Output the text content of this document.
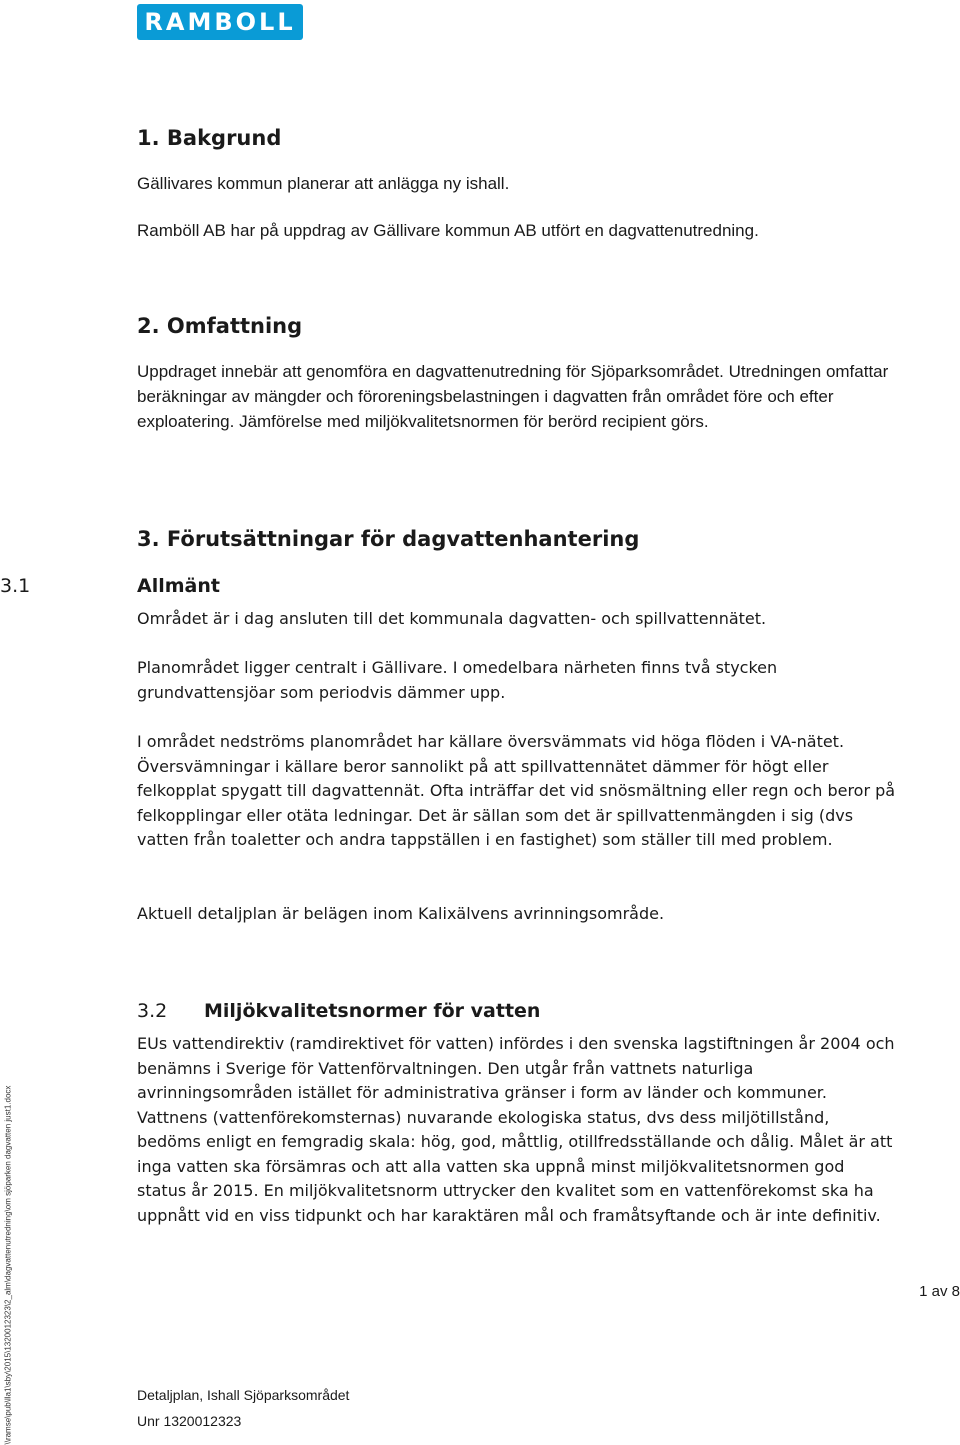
RAMBOLL
1. Bakgrund

Gällivares kommun planerar att anlägga ny ishall.

Ramböll AB har på uppdrag av Gällivare kommun AB utfört en dagvattenutredning.

2. Omfattning

Uppdraget innebär att genomföra en dagvattenutredning för Sjöparksområdet. Utredningen omfattar beräkningar av mängder och föroreningsbelastningen i dagvatten från området före och efter exploatering. Jämförelse med miljökvalitetsnormen för berörd recipient görs.

3. Förutsättningar för dagvattenhantering
3.1	Allmänt

Området är i dag ansluten till det kommunala dagvatten- och spillvattennätet.

Planområdet ligger centralt i Gällivare. I omedelbara närheten finns två stycken grundvattensjöar som periodvis dämmer upp.

I området nedströms planområdet har källare översvämmats vid höga flöden i VA-nätet. Översvämningar i källare beror sannolikt på att spillvattennätet dämmer för högt eller felkopplat spygatt till dagvattennät. Ofta inträffar det vid snösmältning eller regn och beror på felkopplingar eller otäta ledningar. Det är sällan som det är spillvattenmängden i sig (dvs vatten från toaletter och andra tappställen i en fastighet) som ställer till med problem.

Aktuell detaljplan är belägen inom Kalixälvens avrinningsområde.

3.2 Miljökvalitetsnormer för vatten

EUs vattendirektiv (ramdirektivet för vatten) infördes i den svenska lagstiftningen år 2004 och benämns i Sverige för Vattenförvaltningen. Den utgår från vattnets naturliga avrinningsområden istället för administrativa gränser i form av länder och kommuner. Vattnens (vattenförekomsternas) nuvarande ekologiska status, dvs dess miljötillstånd, bedöms enligt en femgradig skala: hög, god, måttlig, otillfredsställande och dålig. Målet är att inga vatten ska försämras och att alla vatten ska uppnå minst miljökvalitetsnormen god status år 2015. En miljökvalitetsnorm uttrycker den kvalitet som en vattenförekomst ska ha uppnått vid en viss tidpunkt och har karaktären mål och framåtsyftande och är inte definitiv.

1 av 8
Detaljplan, Ishall Sjöparksområdet
Unr 1320012323
\\ramse\pub\lla1\sby\2015\1320012323\2_alm\dagvattenutredning\om sjöparken dagvatten just1.docx
